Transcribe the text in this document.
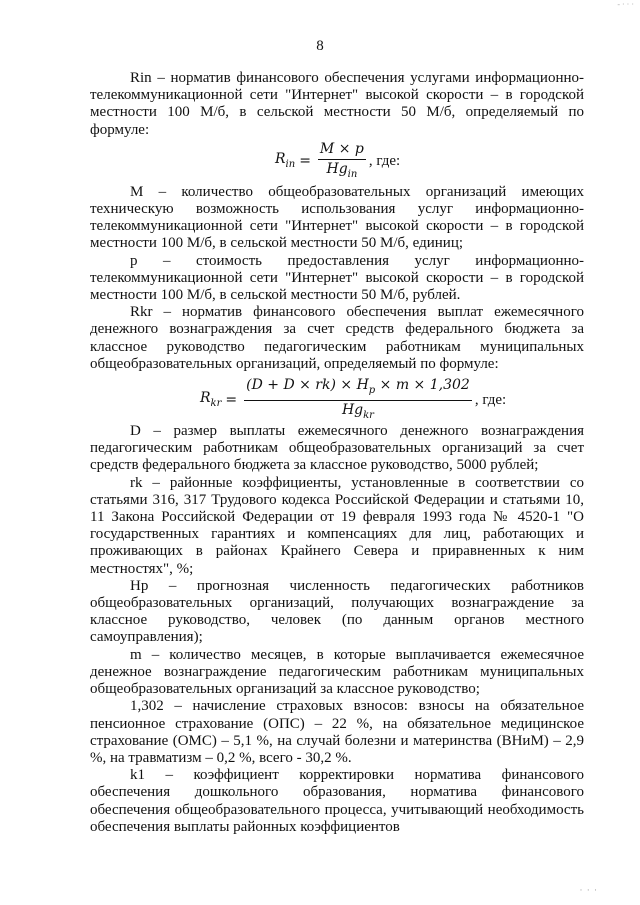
- · · ·
8

Rin – норматив финансового обеспечения услугами информационно-телекоммуникационной сети "Интернет" высокой скорости – в городской местности 100 М/б, в сельской местности 50 М/б, определяемый по формуле:

$R_{in} = \frac{M \times p}{Hg_{in}}$ , где:

M – количество общеобразовательных организаций имеющих техническую возможность использования услуг информационно-телекоммуникационной сети "Интернет" высокой скорости – в городской местности 100 М/б, в сельской местности 50 М/б, единиц;

p – стоимость предоставления услуг информационно-телекоммуникационной сети "Интернет" высокой скорости – в городской местности 100 М/б, в сельской местности 50 М/б, рублей.

Rkr – норматив финансового обеспечения выплат ежемесячного денежного вознаграждения за счет средств федерального бюджета за классное руководство педагогическим работникам муниципальных общеобразовательных организаций, определяемый по формуле:

$R_{kr} = \frac{(D + D \times rk) \times H_p \times m \times 1,302}{Hg_{kr}}$ , где:

D – размер выплаты ежемесячного денежного вознаграждения педагогическим работникам общеобразовательных организаций за счет средств федерального бюджета за классное руководство, 5000 рублей;

rk – районные коэффициенты, установленные в соответствии со статьями 316, 317 Трудового кодекса Российской Федерации и статьями 10, 11 Закона Российской Федерации от 19 февраля 1993 года № 4520-1 "О государственных гарантиях и компенсациях для лиц, работающих и проживающих в районах Крайнего Севера и приравненных к ним местностях", %;

Hp – прогнозная численность педагогических работников общеобразовательных организаций, получающих вознаграждение за классное руководство, человек (по данным органов местного самоуправления);

m – количество месяцев, в которые выплачивается ежемесячное денежное вознаграждение педагогическим работникам муниципальных общеобразовательных организаций за классное руководство;

1,302 – начисление страховых взносов: взносы на обязательное пенсионное страхование (ОПС) – 22 %, на обязательное медицинское страхование (ОМС) – 5,1 %, на случай болезни и материнства (ВНиМ) – 2,9 %, на травматизм – 0,2 %, всего - 30,2 %.

k1 – коэффициент корректировки норматива финансового обеспечения дошкольного образования, норматива финансового обеспечения общеобразовательного процесса, учитывающий необходимость обеспечения выплаты районных коэффициентов

· · ·
